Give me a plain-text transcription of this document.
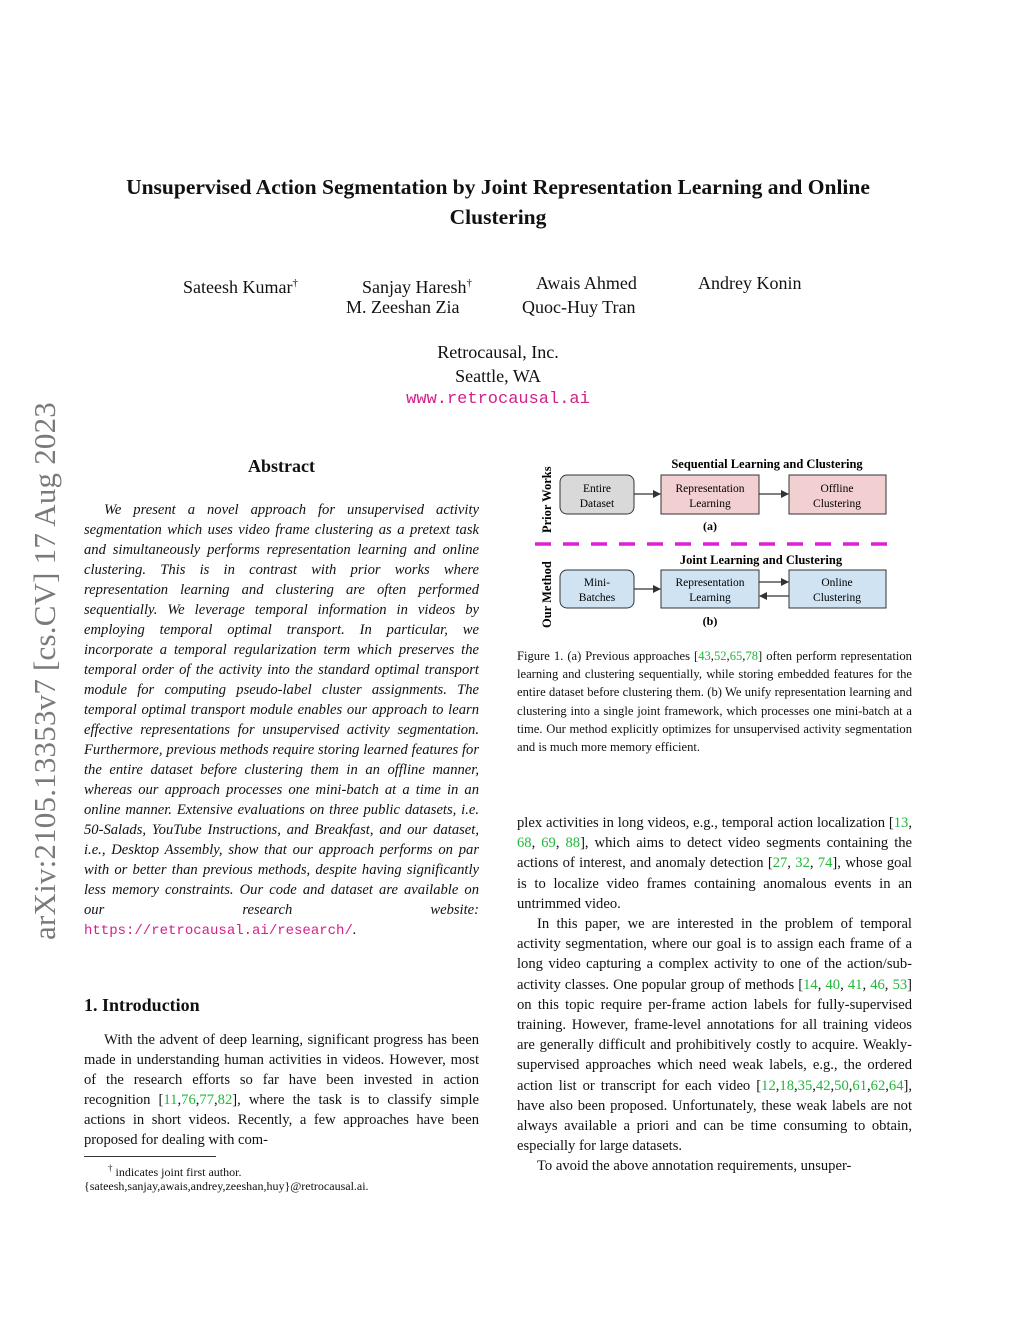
arXiv:2105.13353v7 [cs.CV] 17 Aug 2023
Unsupervised Action Segmentation by Joint Representation Learning and Online Clustering
Sateesh Kumar†	Sanjay Haresh†	Awais Ahmed	Andrey Konin
M. Zeeshan Zia	Quoc-Huy Tran
Retrocausal, Inc.
Seattle, WA
www.retrocausal.ai
Abstract
We present a novel approach for unsupervised activity segmentation which uses video frame clustering as a pretext task and simultaneously performs representation learning and online clustering. This is in contrast with prior works where representation learning and clustering are often performed sequentially. We leverage temporal information in videos by employing temporal optimal transport. In particular, we incorporate a temporal regularization term which preserves the temporal order of the activity into the standard optimal transport module for computing pseudo-label cluster assignments. The temporal optimal transport module enables our approach to learn effective representations for unsupervised activity segmentation. Furthermore, previous methods require storing learned features for the entire dataset before clustering them in an offline manner, whereas our approach processes one mini-batch at a time in an online manner. Extensive evaluations on three public datasets, i.e. 50-Salads, YouTube Instructions, and Breakfast, and our dataset, i.e., Desktop Assembly, show that our approach performs on par with or better than previous methods, despite having significantly less memory constraints. Our code and dataset are available on our research website: https://retrocausal.ai/research/.
1. Introduction
With the advent of deep learning, significant progress has been made in understanding human activities in videos. However, most of the research efforts so far have been invested in action recognition [11,76,77,82], where the task is to classify simple actions in short videos. Recently, a few approaches have been proposed for dealing with com-
† indicates joint first author.
{sateesh,sanjay,awais,andrey,zeeshan,huy}@retrocausal.ai.
Prior Works
Our Method
Sequential Learning and Clustering
Entire
Dataset
Representation
Learning
Offline
Clustering
(a)
Joint Learning and Clustering
Mini-
Batches
Representation
Learning
Online
Clustering
(b)
Figure 1. (a) Previous approaches [43,52,65,78] often perform representation learning and clustering sequentially, while storing embedded features for the entire dataset before clustering them. (b) We unify representation learning and clustering into a single joint framework, which processes one mini-batch at a time. Our method explicitly optimizes for unsupervised activity segmentation and is much more memory efficient.

plex activities in long videos, e.g., temporal action localization [13, 68, 69, 88], which aims to detect video segments containing the actions of interest, and anomaly detection [27, 32, 74], whose goal is to localize video frames containing anomalous events in an untrimmed video.

In this paper, we are interested in the problem of temporal activity segmentation, where our goal is to assign each frame of a long video capturing a complex activity to one of the action/sub-activity classes. One popular group of methods [14, 40, 41, 46, 53] on this topic require per-frame action labels for fully-supervised training. However, frame-level annotations for all training videos are generally difficult and prohibitively costly to acquire. Weakly-supervised approaches which need weak labels, e.g., the ordered action list or transcript for each video [12,18,35,42,50,61,62,64], have also been proposed. Unfortunately, these weak labels are not always available a priori and can be time consuming to obtain, especially for large datasets.

To avoid the above annotation requirements, unsuper-
